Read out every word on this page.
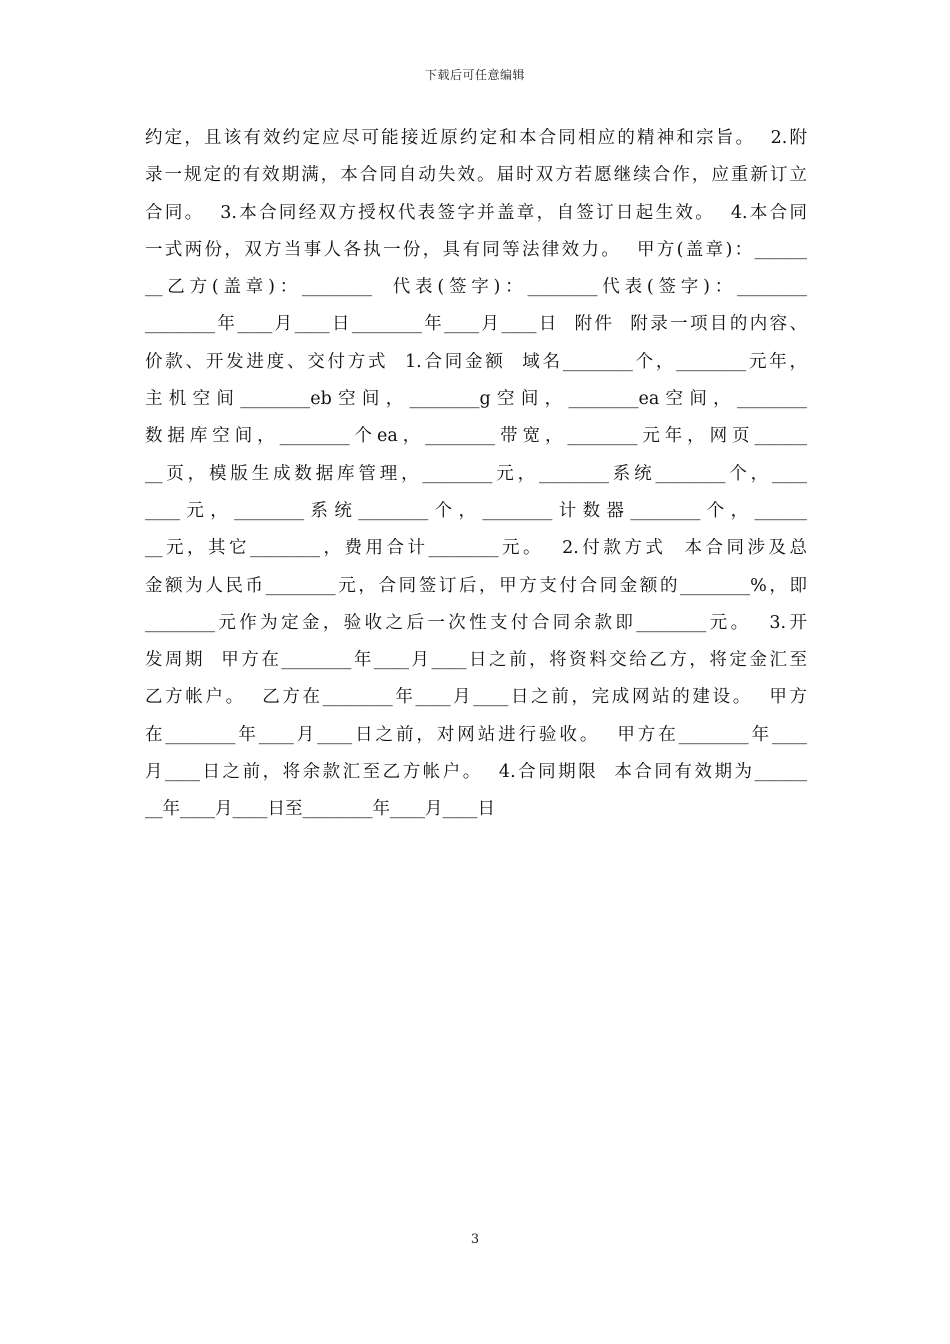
下载后可任意编辑
约定，且该有效约定应尽可能接近原约定和本合同相应的精神和宗旨。  2.附
录一规定的有效期满，本合同自动失效。届时双方若愿继续合作，应重新订立
合同。  3.本合同经双方授权代表签字并盖章，自签订日起生效。  4.本合同
一式两份，双方当事人各执一份，具有同等法律效力。  甲方(盖章)：______
__乙方(盖章)：________  代表(签字)：________代表(签字)：________
________年____月____日________年____月____日  附件  附录一项目的内容、
价款、开发进度、交付方式  1.合同金额  域名________个，________元年，
主机空间________eb空间，________g空间，________ea空间，________
数据库空间，________个ea，________带宽，________元年，网页______
__页，模版生成数据库管理，________元，________系统________个，____
____元，________系统________个，________计数器________个，______
__元，其它________，费用合计________元。  2.付款方式  本合同涉及总
金额为人民币________元，合同签订后，甲方支付合同金额的________%，即
________元作为定金，验收之后一次性支付合同余款即________元。  3.开
发周期  甲方在________年____月____日之前，将资料交给乙方，将定金汇至
乙方帐户。  乙方在________年____月____日之前，完成网站的建设。  甲方
在________年____月____日之前，对网站进行验收。  甲方在________年____
月____日之前，将余款汇至乙方帐户。  4.合同期限  本合同有效期为______
__年____月____日至________年____月____日
3
